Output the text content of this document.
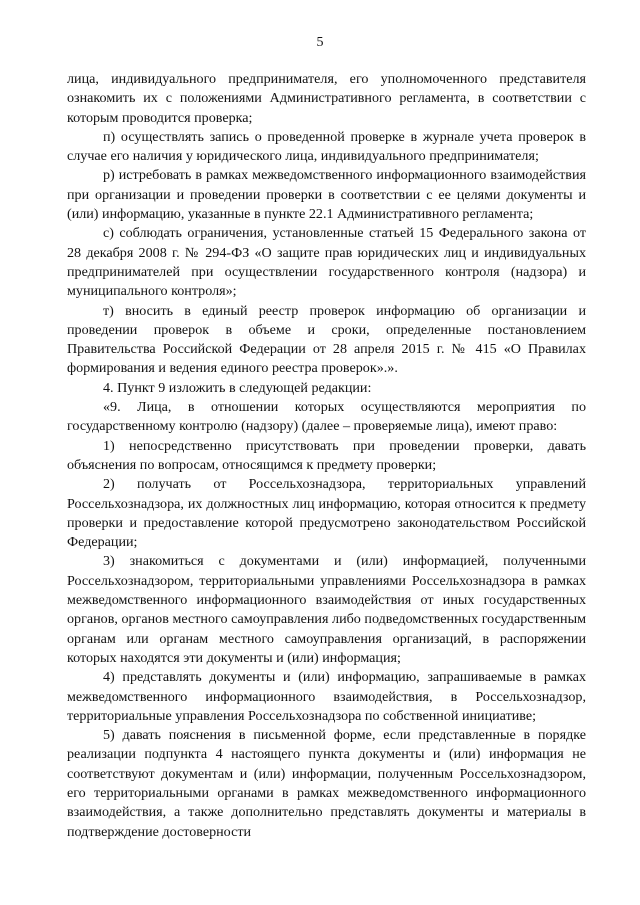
5

лица, индивидуального предпринимателя, его уполномоченного представителя ознакомить их с положениями Административного регламента, в соответствии с которым проводится проверка;

п) осуществлять запись о проведенной проверке в журнале учета проверок в случае его наличия у юридического лица, индивидуального предпринимателя;

р) истребовать в рамках межведомственного информационного взаимодействия при организации и проведении проверки в соответствии с ее целями документы и (или) информацию, указанные в пункте 22.1 Административного регламента;

с) соблюдать ограничения, установленные статьей 15 Федерального закона от 28 декабря 2008 г. № 294-ФЗ «О защите прав юридических лиц и индивидуальных предпринимателей при осуществлении государственного контроля (надзора) и муниципального контроля»;

т) вносить в единый реестр проверок информацию об организации и проведении проверок в объеме и сроки, определенные постановлением Правительства Российской Федерации от 28 апреля 2015 г. № 415 «О Правилах формирования и ведения единого реестра проверок».».

4. Пункт 9 изложить в следующей редакции:

«9. Лица, в отношении которых осуществляются мероприятия по государственному контролю (надзору) (далее – проверяемые лица), имеют право:

1) непосредственно присутствовать при проведении проверки, давать объяснения по вопросам, относящимся к предмету проверки;

2) получать от Россельхознадзора, территориальных управлений Россельхознадзора, их должностных лиц информацию, которая относится к предмету проверки и предоставление которой предусмотрено законодательством Российской Федерации;

3) знакомиться с документами и (или) информацией, полученными Россельхознадзором, территориальными управлениями Россельхознадзора в рамках межведомственного информационного взаимодействия от иных государственных органов, органов местного самоуправления либо подведомственных государственным органам или органам местного самоуправления организаций, в распоряжении которых находятся эти документы и (или) информация;

4) представлять документы и (или) информацию, запрашиваемые в рамках межведомственного информационного взаимодействия, в Россельхознадзор, территориальные управления Россельхознадзора по собственной инициативе;

5) давать пояснения в письменной форме, если представленные в порядке реализации подпункта 4 настоящего пункта документы и (или) информация не соответствуют документам и (или) информации, полученным Россельхознадзором, его территориальными органами в рамках межведомственного информационного взаимодействия, а также дополнительно представлять документы и материалы в подтверждение достоверности
